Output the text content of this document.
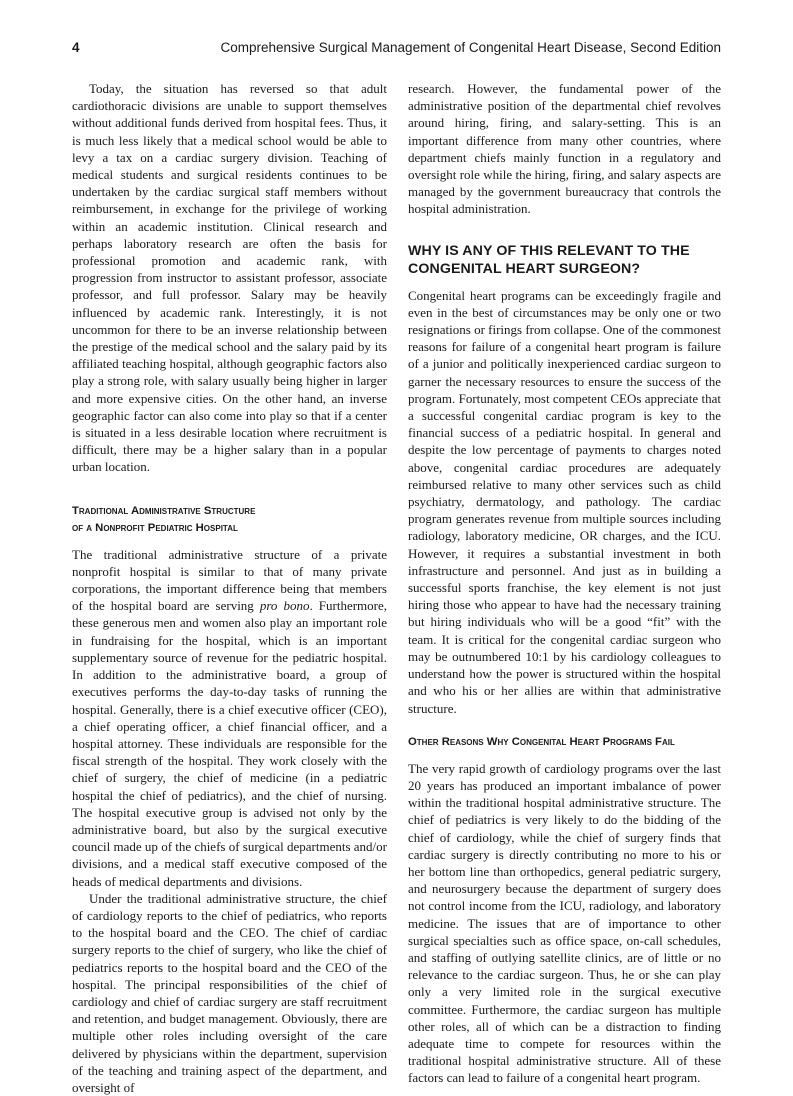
4	Comprehensive Surgical Management of Congenital Heart Disease, Second Edition

Today, the situation has reversed so that adult cardiothoracic divisions are unable to support themselves without additional funds derived from hospital fees. Thus, it is much less likely that a medical school would be able to levy a tax on a cardiac surgery division. Teaching of medical students and surgical residents continues to be undertaken by the cardiac surgical staff members without reimbursement, in exchange for the privilege of working within an academic institution. Clinical research and perhaps laboratory research are often the basis for professional promotion and academic rank, with progression from instructor to assistant professor, associate professor, and full professor. Salary may be heavily influenced by academic rank. Interestingly, it is not uncommon for there to be an inverse relationship between the prestige of the medical school and the salary paid by its affiliated teaching hospital, although geographic factors also play a strong role, with salary usually being higher in larger and more expensive cities. On the other hand, an inverse geographic factor can also come into play so that if a center is situated in a less desirable location where recruitment is difficult, there may be a higher salary than in a popular urban location.

Traditional Administrative Structure
of a Nonprofit Pediatric Hospital

The traditional administrative structure of a private nonprofit hospital is similar to that of many private corporations, the important difference being that members of the hospital board are serving pro bono. Furthermore, these generous men and women also play an important role in fundraising for the hospital, which is an important supplementary source of revenue for the pediatric hospital. In addition to the administrative board, a group of executives performs the day-to-day tasks of running the hospital. Generally, there is a chief executive officer (CEO), a chief operating officer, a chief financial officer, and a hospital attorney. These individuals are responsible for the fiscal strength of the hospital. They work closely with the chief of surgery, the chief of medicine (in a pediatric hospital the chief of pediatrics), and the chief of nursing. The hospital executive group is advised not only by the administrative board, but also by the surgical executive council made up of the chiefs of surgical departments and/or divisions, and a medical staff executive composed of the heads of medical departments and divisions.

Under the traditional administrative structure, the chief of cardiology reports to the chief of pediatrics, who reports to the hospital board and the CEO. The chief of cardiac surgery reports to the chief of surgery, who like the chief of pediatrics reports to the hospital board and the CEO of the hospital. The principal responsibilities of the chief of cardiology and chief of cardiac surgery are staff recruitment and retention, and budget management. Obviously, there are multiple other roles including oversight of the care delivered by physicians within the department, supervision of the teaching and training aspect of the department, and oversight of

research. However, the fundamental power of the administrative position of the departmental chief revolves around hiring, firing, and salary-setting. This is an important difference from many other countries, where department chiefs mainly function in a regulatory and oversight role while the hiring, firing, and salary aspects are managed by the government bureaucracy that controls the hospital administration.

WHY IS ANY OF THIS RELEVANT TO THE CONGENITAL HEART SURGEON?

Congenital heart programs can be exceedingly fragile and even in the best of circumstances may be only one or two resignations or firings from collapse. One of the commonest reasons for failure of a congenital heart program is failure of a junior and politically inexperienced cardiac surgeon to garner the necessary resources to ensure the success of the program. Fortunately, most competent CEOs appreciate that a successful congenital cardiac program is key to the financial success of a pediatric hospital. In general and despite the low percentage of payments to charges noted above, congenital cardiac procedures are adequately reimbursed relative to many other services such as child psychiatry, dermatology, and pathology. The cardiac program generates revenue from multiple sources including radiology, laboratory medicine, OR charges, and the ICU. However, it requires a substantial investment in both infrastructure and personnel. And just as in building a successful sports franchise, the key element is not just hiring those who appear to have had the necessary training but hiring individuals who will be a good “fit” with the team. It is critical for the congenital cardiac surgeon who may be outnumbered 10:1 by his cardiology colleagues to understand how the power is structured within the hospital and who his or her allies are within that administrative structure.

Other Reasons Why Congenital Heart Programs Fail

The very rapid growth of cardiology programs over the last 20 years has produced an important imbalance of power within the traditional hospital administrative structure. The chief of pediatrics is very likely to do the bidding of the chief of cardiology, while the chief of surgery finds that cardiac surgery is directly contributing no more to his or her bottom line than orthopedics, general pediatric surgery, and neurosurgery because the department of surgery does not control income from the ICU, radiology, and laboratory medicine. The issues that are of importance to other surgical specialties such as office space, on-call schedules, and staffing of outlying satellite clinics, are of little or no relevance to the cardiac surgeon. Thus, he or she can play only a very limited role in the surgical executive committee. Furthermore, the cardiac surgeon has multiple other roles, all of which can be a distraction to finding adequate time to compete for resources within the traditional hospital administrative structure. All of these factors can lead to failure of a congenital heart program.
